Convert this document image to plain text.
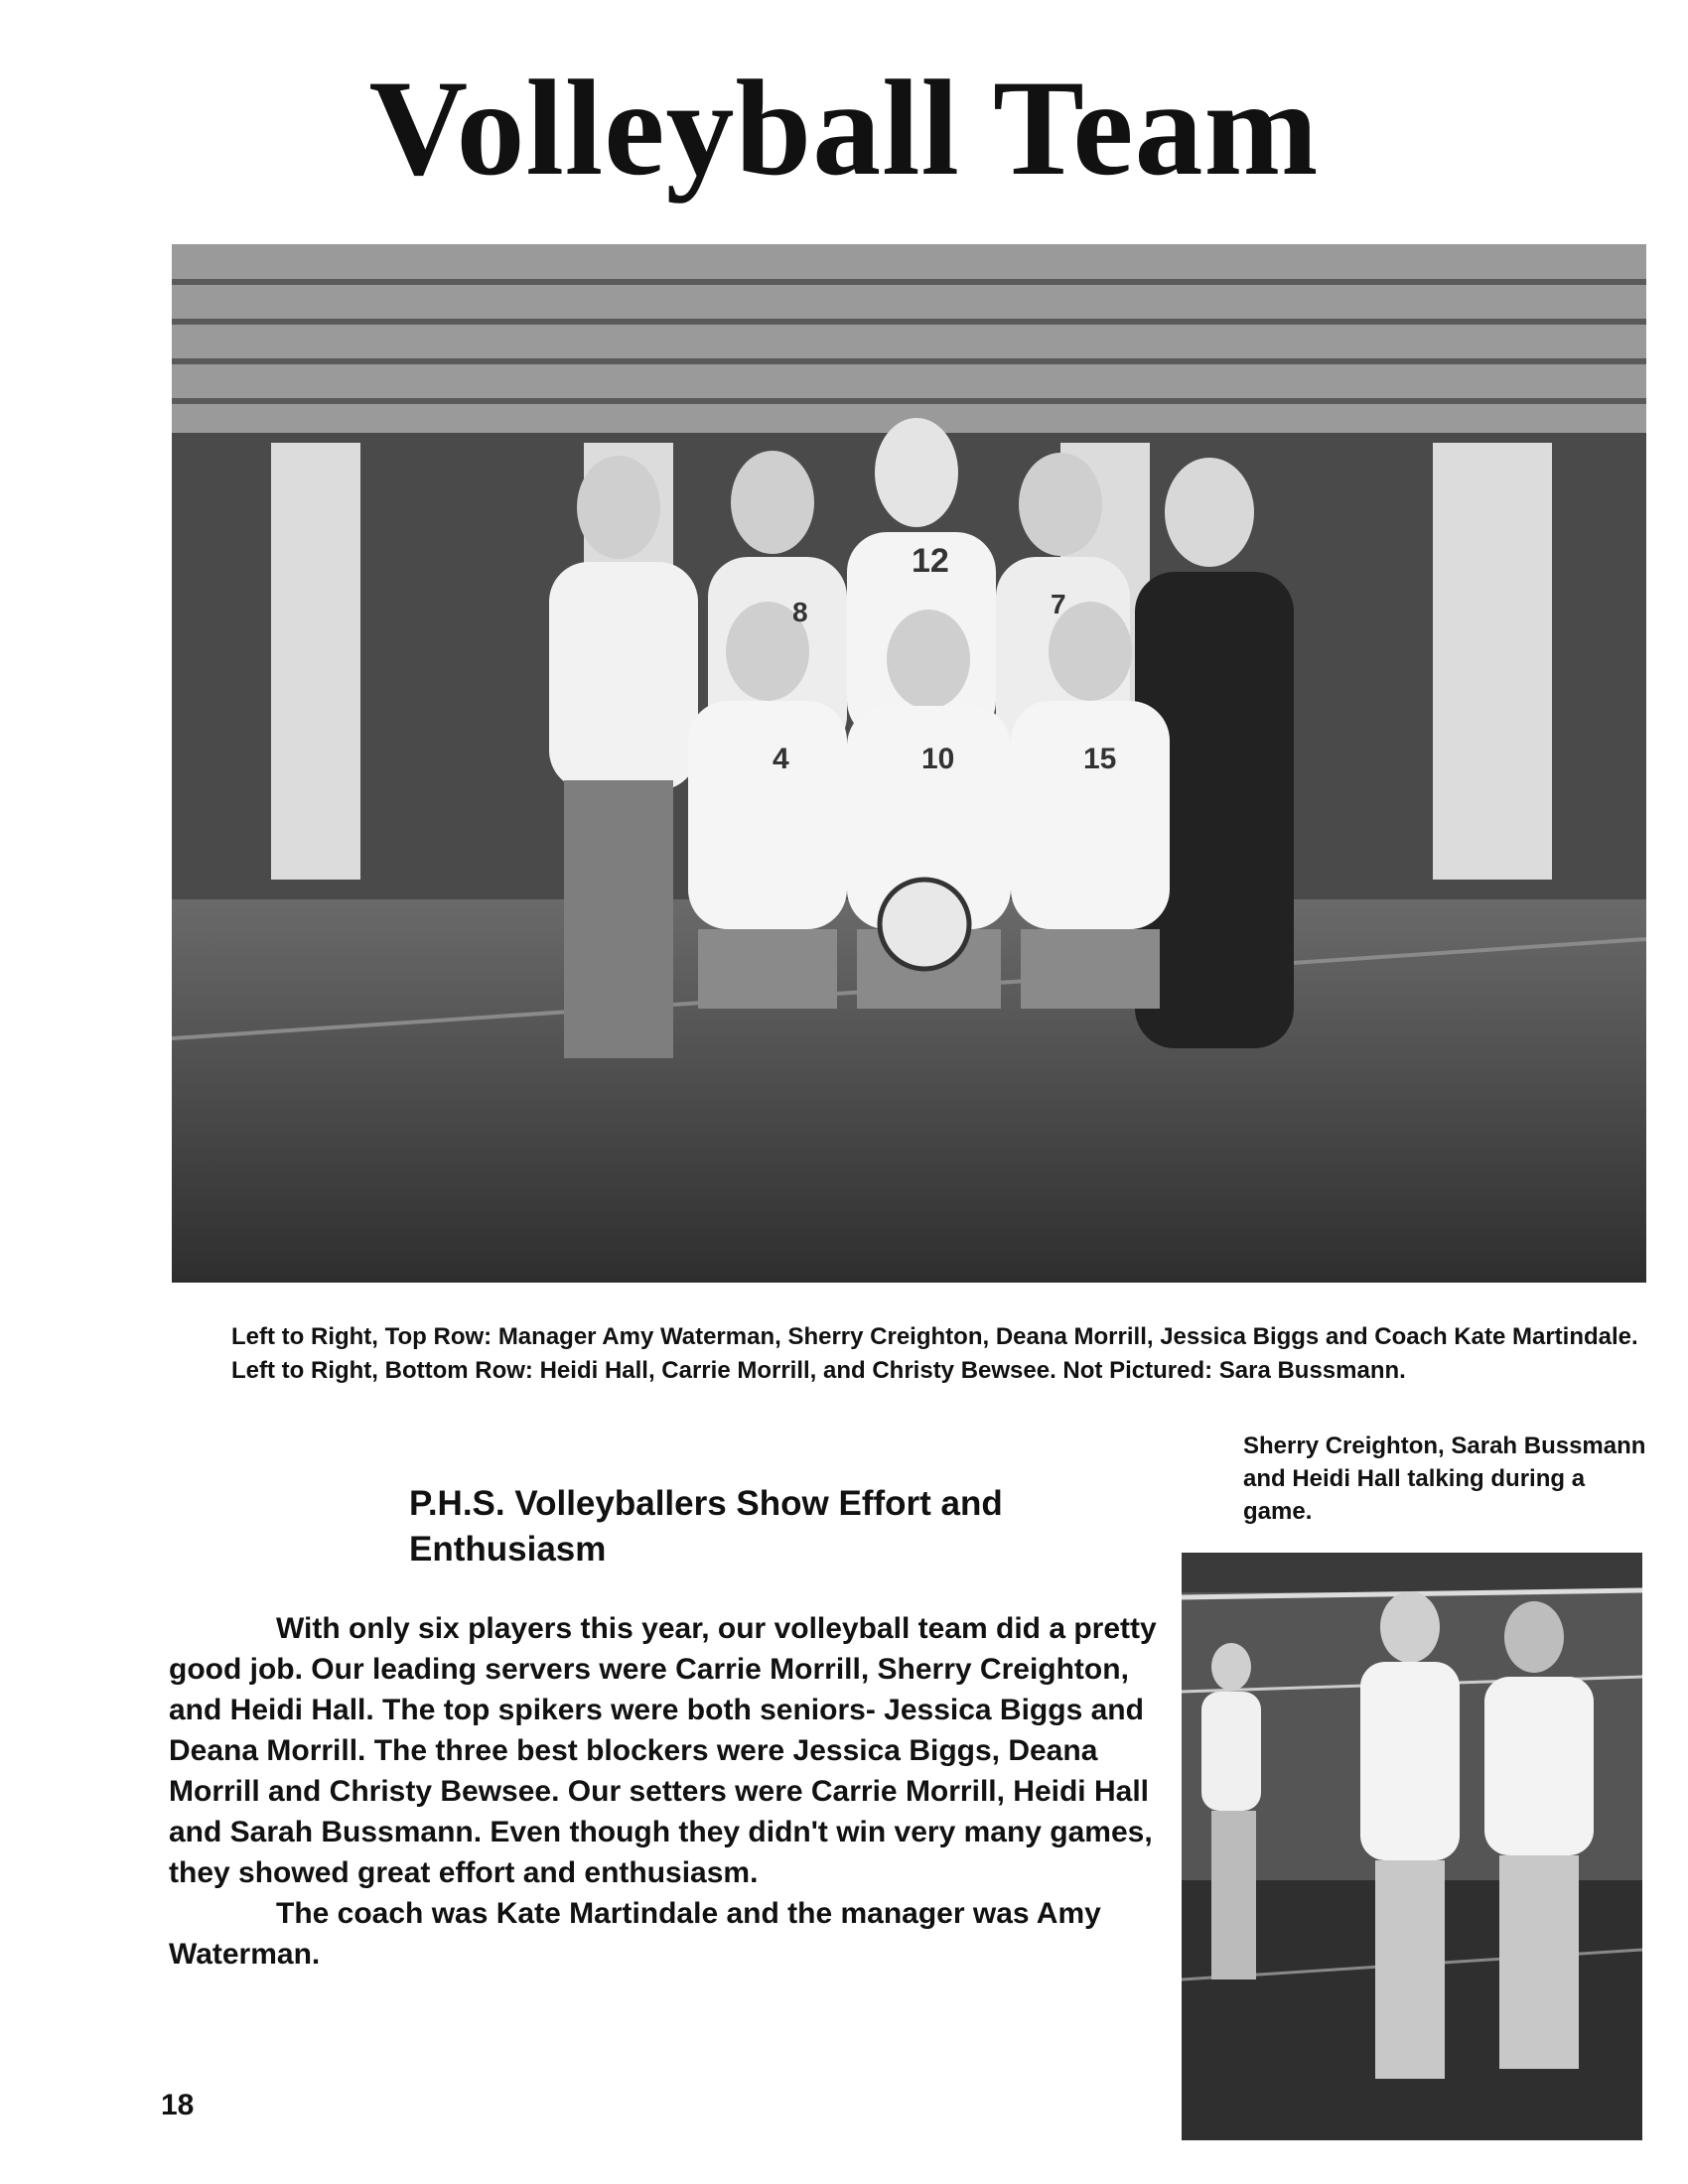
Volleyball Team
8
12
7
4	10	15

Left to Right, Top Row: Manager Amy Waterman, Sherry Creighton, Deana Morrill, Jessica Biggs and Coach Kate Martindale. Left to Right, Bottom Row: Heidi Hall, Carrie Morrill, and Christy Bewsee. Not Pictured: Sara Bussmann.

Sherry Creighton, Sarah Bussmann and Heidi Hall talking during a game.

P.H.S. Volleyballers Show Effort and Enthusiasm

With only six players this year, our volleyball team did a pretty good job. Our leading servers were Carrie Morrill, Sherry Creighton, and Heidi Hall. The top spikers were both seniors- Jessica Biggs and Deana Morrill. The three best blockers were Jessica Biggs, Deana Morrill and Christy Bewsee. Our setters were Carrie Morrill, Heidi Hall and Sarah Bussmann. Even though they didn't win very many games, they showed great effort and enthusiasm.

The coach was Kate Martindale and the manager was Amy Waterman.

18
